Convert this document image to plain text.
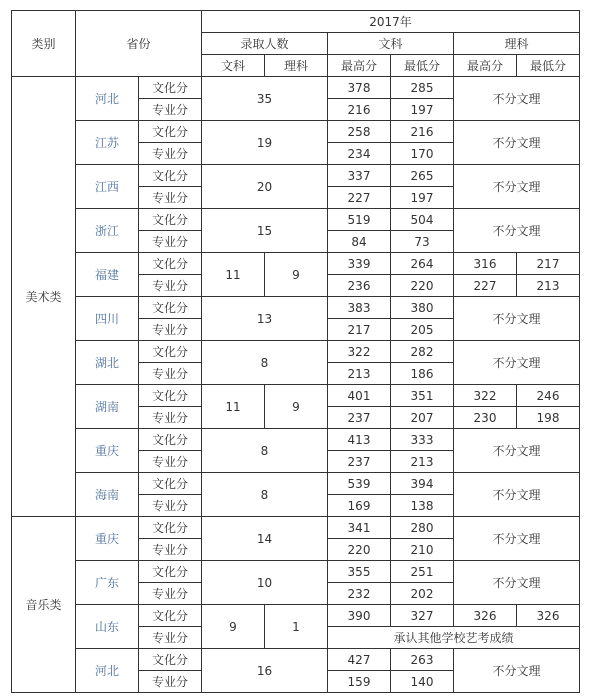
类别	省份		2017年					
			录取人数		文科		理科	
			文科	理科	最高分	最低分	最高分	最低分
美术类	河北	文化分	35		378	285	不分文理	
		专业分			216	197		
	江苏	文化分	19		258	216	不分文理	
		专业分			234	170		
	江西	文化分	20		337	265	不分文理	
		专业分			227	197		
	浙江	文化分	15		519	504	不分文理	
		专业分			84	73		
	福建	文化分	11	9	339	264	316	217
		专业分			236	220	227	213
	四川	文化分	13		383	380	不分文理	
		专业分			217	205		
	湖北	文化分	8		322	282	不分文理	
		专业分			213	186		
	湖南	文化分	11	9	401	351	322	246
		专业分			237	207	230	198
	重庆	文化分	8		413	333	不分文理	
		专业分			237	213		
	海南	文化分	8		539	394	不分文理	
		专业分			169	138		
音乐类	重庆	文化分	14		341	280	不分文理	
		专业分			220	210		
	广东	文化分	10		355	251	不分文理	
		专业分			232	202		
	山东	文化分	9	1	390	327	326	326
		专业分			承认其他学校艺考成绩			
	河北	文化分	16		427	263	不分文理	
		专业分			159	140		
